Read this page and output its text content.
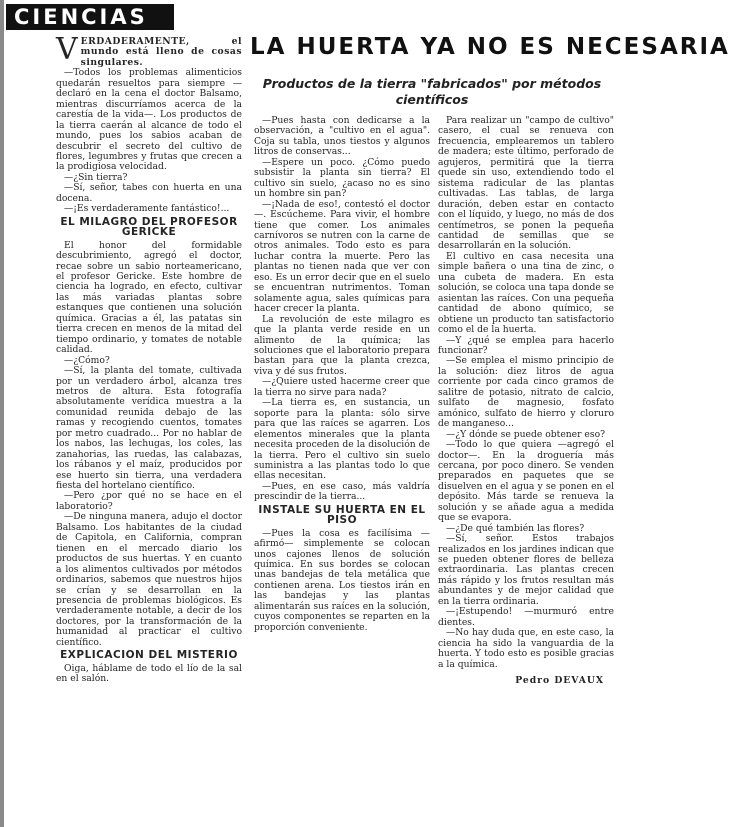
CIENCIAS
LA HUERTA YA NO ES NECESARIA
Productos de la tierra "fabricados" por métodos científicos

V ERDADERAMENTE, el mundo está lleno de cosas singulares.

—Todos los problemas alimenticios quedarán resueltos para siempre —declaró en la cena el doctor Balsamo, mientras discurríamos acerca de la carestía de la vida—. Los productos de la tierra caerán al alcance de todo el mundo, pues los sabios acaban de descubrir el secreto del cultivo de flores, legumbres y frutas que crecen a la prodigiosa velocidad.

—¿Sin tierra?

—Sí, señor, tabes con huerta en una docena.

—¡Es verdaderamente fantástico!...

EL MILAGRO DEL PROFESOR GERICKE

El honor del formidable descubrimiento, agregó el doctor, recae sobre un sabio norteamericano, el profesor Gericke. Este hombre de ciencia ha logrado, en efecto, cultivar las más variadas plantas sobre estanques que contienen una solución química. Gracias a él, las patatas sin tierra crecen en menos de la mitad del tiempo ordinario, y tomates de notable calidad.

—¿Cómo?

—Sí, la planta del tomate, cultivada por un verdadero árbol, alcanza tres metros de altura. Esta fotografía absolutamente verídica muestra a la comunidad reunida debajo de las ramas y recogiendo cuentos, tomates por metro cuadrado... Por no hablar de los nabos, las lechugas, los coles, las zanahorias, las ruedas, las calabazas, los rábanos y el maíz, producidos por ese huerto sin tierra, una verdadera fiesta del hortelano científico.

—Pero ¿por qué no se hace en el laboratorio?

—De ninguna manera, adujo el doctor Balsamo. Los habitantes de la ciudad de Capitola, en California, compran tienen en el mercado diario los productos de sus huertas. Y en cuanto a los alimentos cultivados por métodos ordinarios, sabemos que nuestros hijos se crían y se desarrollan en la presencia de problemas biológicos. Es verdaderamente notable, a decir de los doctores, por la transformación de la humanidad al practicar el cultivo científico.

EXPLICACION DEL MISTERIO

Oiga, háblame de todo el lío de la sal en el salón.

—Pues hasta con dedicarse a la observación, a "cultivo en el agua". Coja su tabla, unos tiestos y algunos litros de conservas...

—Espere un poco. ¿Cómo puedo subsistir la planta sin tierra? El cultivo sin suelo, ¿acaso no es sino un hombre sin pan?

—¡Nada de eso!, contestó el doctor—. Escúcheme. Para vivir, el hombre tiene que comer. Los animales carnívoros se nutren con la carne de otros animales. Todo esto es para luchar contra la muerte. Pero las plantas no tienen nada que ver con eso. Es un error decir que en el suelo se encuentran nutrimentos. Toman solamente agua, sales químicas para hacer crecer la planta.

La revolución de este milagro es que la planta verde reside en un alimento de la química; las soluciones que el laboratorio prepara bastan para que la planta crezca, viva y dé sus frutos.

—¿Quiere usted hacerme creer que la tierra no sirve para nada?

—La tierra es, en sustancia, un soporte para la planta: sólo sirve para que las raíces se agarren. Los elementos minerales que la planta necesita proceden de la disolución de la tierra. Pero el cultivo sin suelo suministra a las plantas todo lo que ellas necesitan.

—Pues, en ese caso, más valdría prescindir de la tierra...

INSTALE SU HUERTA EN EL PISO

—Pues la cosa es facilísima —afirmó— simplemente se colocan unos cajones llenos de solución química. En sus bordes se colocan unas bandejas de tela metálica que contienen arena. Los tiestos irán en las bandejas y las plantas alimentarán sus raíces en la solución, cuyos componentes se reparten en la proporción conveniente.

Para realizar un "campo de cultivo" casero, el cual se renueva con frecuencia, emplearemos un tablero de madera; este último, perforado de agujeros, permitirá que la tierra quede sin uso, extendiendo todo el sistema radicular de las plantas cultivadas. Las tablas, de larga duración, deben estar en contacto con el líquido, y luego, no más de dos centímetros, se ponen la pequeña cantidad de semillas que se desarrollarán en la solución.

El cultivo en casa necesita una simple bañera o una tina de zinc, o una cubeta de madera. En esta solución, se coloca una tapa donde se asientan las raíces. Con una pequeña cantidad de abono químico, se obtiene un producto tan satisfactorio como el de la huerta.

—Y ¿qué se emplea para hacerlo funcionar?

—Se emplea el mismo principio de la solución: diez litros de agua corriente por cada cinco gramos de salitre de potasio, nitrato de calcio, sulfato de magnesio, fosfato amónico, sulfato de hierro y cloruro de manganeso...

—¿Y dónde se puede obtener eso?

—Todo lo que quiera —agregó el doctor—. En la droguería más cercana, por poco dinero. Se venden preparados en paquetes que se disuelven en el agua y se ponen en el depósito. Más tarde se renueva la solución y se añade agua a medida que se evapora.

—¿De qué también las flores?

—Sí, señor. Estos trabajos realizados en los jardines indican que se pueden obtener flores de belleza extraordinaria. Las plantas crecen más rápido y los frutos resultan más abundantes y de mejor calidad que en la tierra ordinaria.

—¡Estupendo! —murmuró entre dientes.

—No hay duda que, en este caso, la ciencia ha sido la vanguardia de la huerta. Y todo esto es posible gracias a la química.

Pedro DEVAUX
